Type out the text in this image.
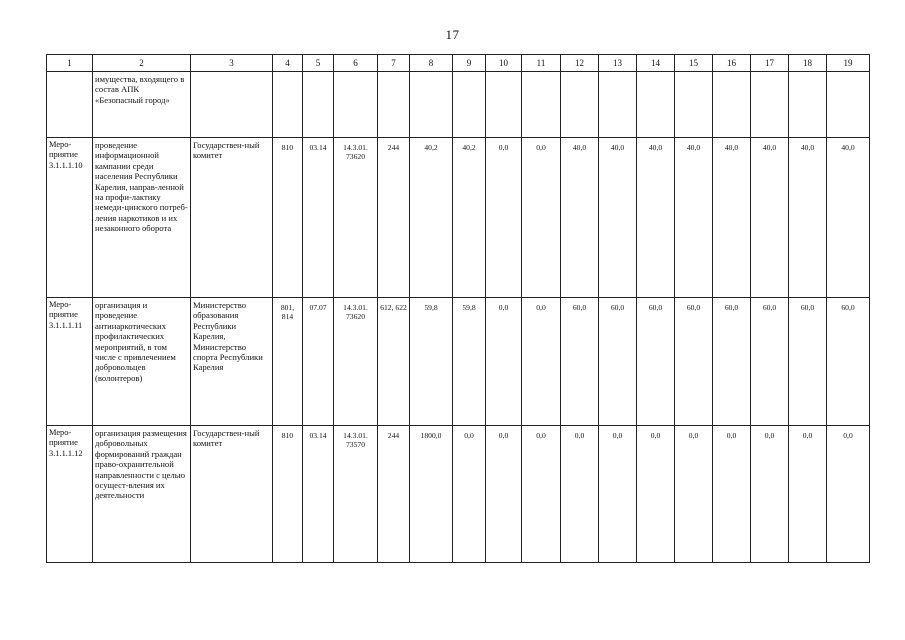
17
1	2	3	4	5	6	7	8	9	10	11	12	13	14	15	16	17	18	19
	имущества, входящего в состав АПК «Безопасный город»																	
Меро-приятие 3.1.1.1.10	проведение информационной кампании среди населения Республики Карелия, направ-ленной на профи-лактику немеди-цинского потреб-ления наркотиков и их незаконного оборота	Государствен-ный комитет	810	03.14	14.3.01. 73620	244	40,2	40,2	0,0	0,0	40,0	40,0	40,0	40,0	40,0	40,0	40,0	40,0
Меро-приятие 3.1.1.1.11	организация и проведение антинаркотических профилактических мероприятий, в том числе с привлечением добровольцев (волонтеров)	Министерство образования Республики Карелия, Министерство спорта Республики Карелия	801, 814	07.07	14.3.01. 73620	612, 622	59,8	59,8	0,0	0,0	60,0	60,0	60,0	60,0	60,0	60,0	60,0	60,0
Меро-приятие 3.1.1.1.12	организация размещения добровольных формирований граждан право-охранительной направленности с целью осущест-вления их деятельности	Государствен-ный комитет	810	03.14	14.3.01. 73570	244	1800,0	0,0	0,0	0,0	0,0	0,0	0,0	0,0	0,0	0,0	0,0	0,0
